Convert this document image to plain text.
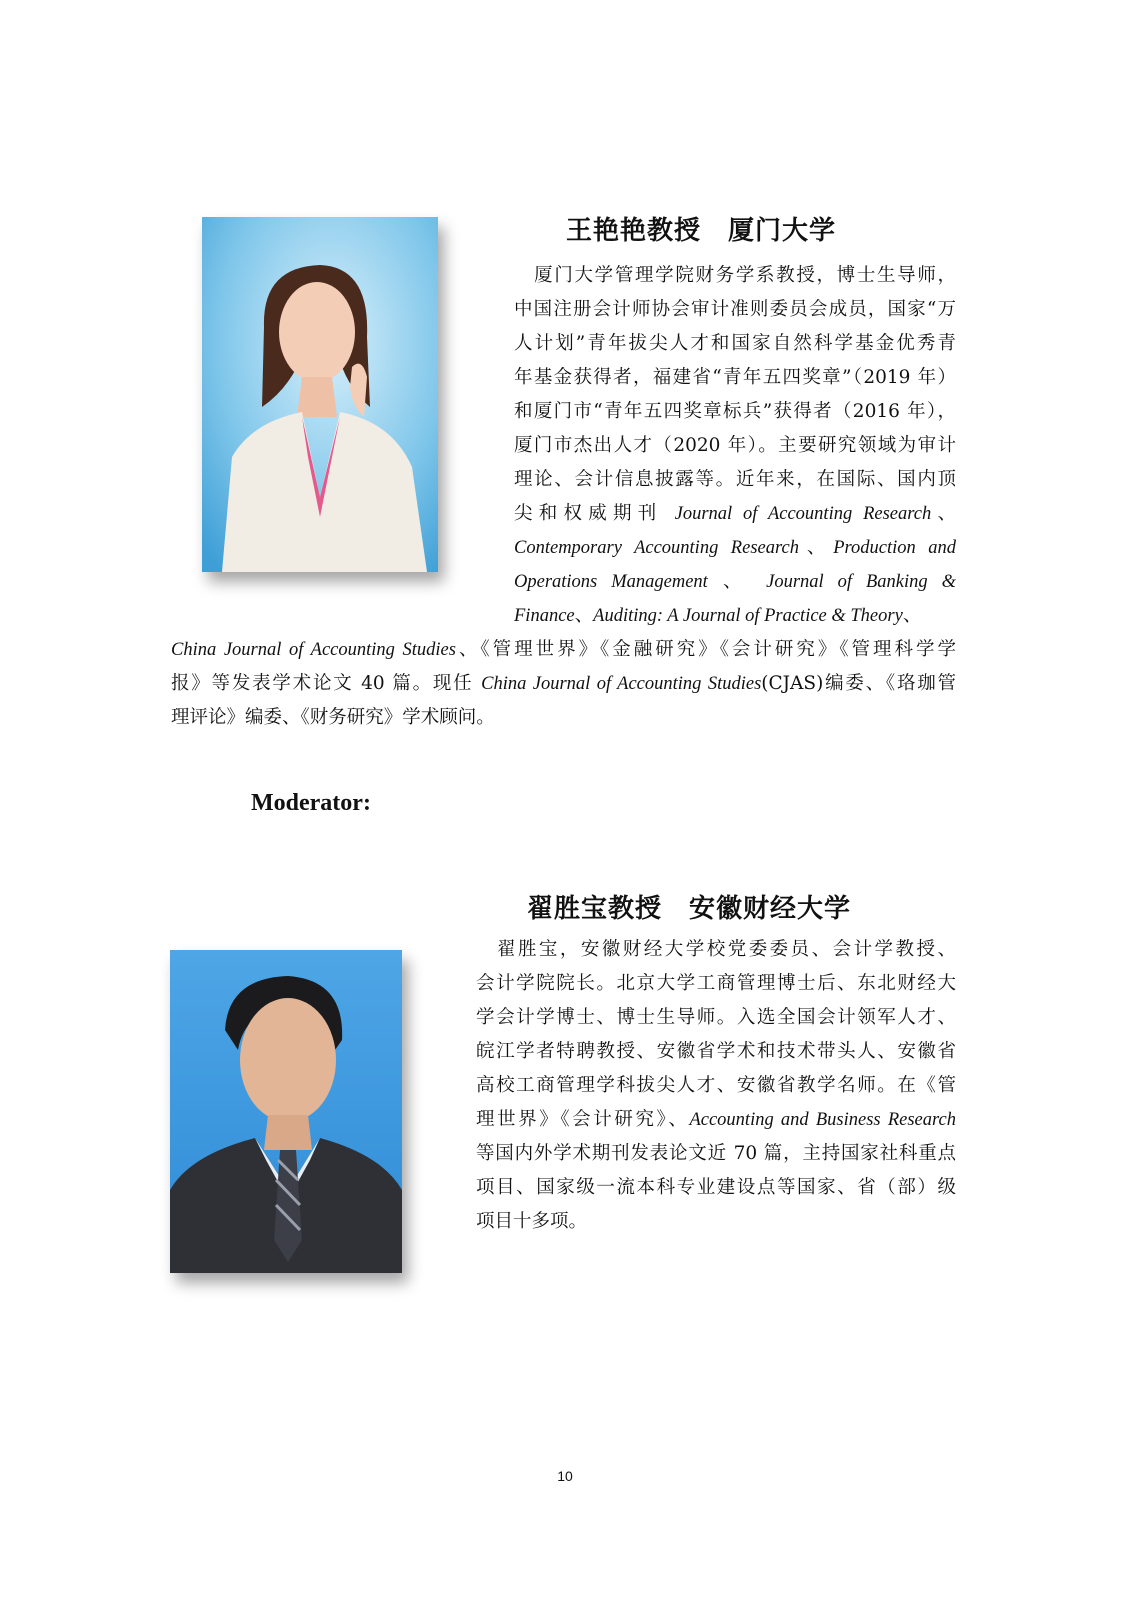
王艳艳教授　厦门大学
　厦门大学管理学院财务学系教授，博士生导师，
中国注册会计师协会审计准则委员会成员，国家“万
人计划”青年拔尖人才和国家自然科学基金优秀青
年基金获得者，福建省“青年五四奖章”（2019 年）
和厦门市“青年五四奖章标兵”获得者（2016 年），
厦门市杰出人才（2020 年）。主要研究领域为审计
理论、会计信息披露等。近年来，在国际、国内顶
尖和权威期刊 Journal of Accounting Research、
Contemporary Accounting Research、Production and
Operations Management 、 Journal of Banking &
Finance、Auditing: A Journal of Practice & Theory、
China Journal of Accounting Studies、《管理世界》《金融研究》《会计研究》《管理科学学
报》等发表学术论文 40 篇。现任 China Journal of Accounting Studies(CJAS)编委、《珞珈管
理评论》编委、《财务研究》学术顾问。
Moderator:
翟胜宝教授　安徽财经大学
　翟胜宝，安徽财经大学校党委委员、会计学教授、
会计学院院长。北京大学工商管理博士后、东北财经大
学会计学博士、博士生导师。入选全国会计领军人才、
皖江学者特聘教授、安徽省学术和技术带头人、安徽省
高校工商管理学科拔尖人才、安徽省教学名师。在《管
理世界》《会计研究》、Accounting and Business Research
等国内外学术期刊发表论文近 70 篇，主持国家社科重点
项目、国家级一流本科专业建设点等国家、省（部）级
项目十多项。
10
